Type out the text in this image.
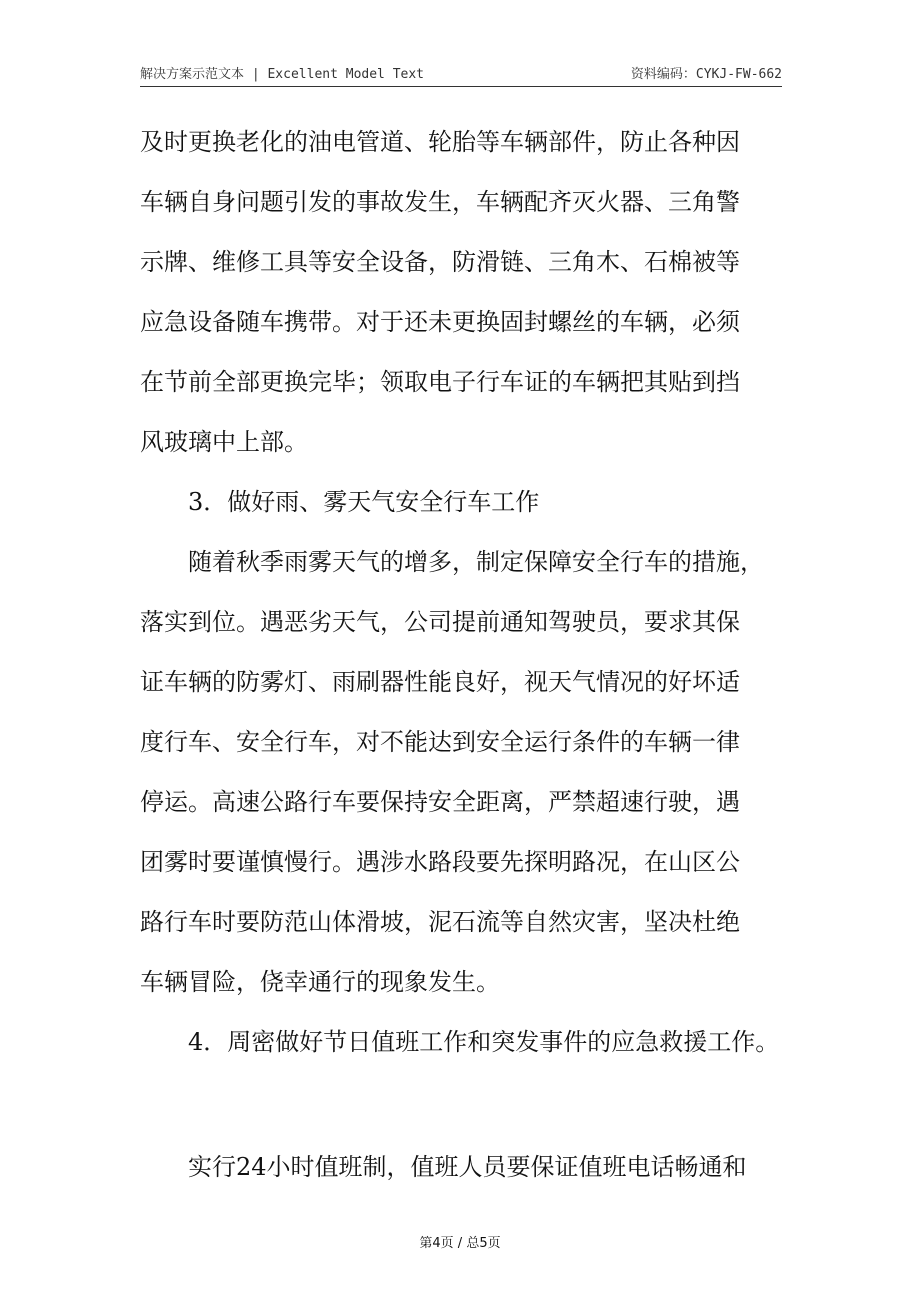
解决方案示范文本 | Excellent Model Text	资料编码：CYKJ-FW-662
及时更换老化的油电管道、轮胎等车辆部件，防止各种因
车辆自身问题引发的事故发生，车辆配齐灭火器、三角警
示牌、维修工具等安全设备，防滑链、三角木、石棉被等
应急设备随车携带。对于还未更换固封螺丝的车辆，必须
在节前全部更换完毕；领取电子行车证的车辆把其贴到挡
风玻璃中上部。
3．做好雨、雾天气安全行车工作
随着秋季雨雾天气的增多，制定保障安全行车的措施，
落实到位。遇恶劣天气，公司提前通知驾驶员，要求其保
证车辆的防雾灯、雨刷器性能良好，视天气情况的好坏适
度行车、安全行车，对不能达到安全运行条件的车辆一律
停运。高速公路行车要保持安全距离，严禁超速行驶，遇
团雾时要谨慎慢行。遇涉水路段要先探明路况，在山区公
路行车时要防范山体滑坡，泥石流等自然灾害，坚决杜绝
车辆冒险，侥幸通行的现象发生。
4．周密做好节日值班工作和突发事件的应急救援工作。
实行24小时值班制，值班人员要保证值班电话畅通和
第4页 / 总5页
